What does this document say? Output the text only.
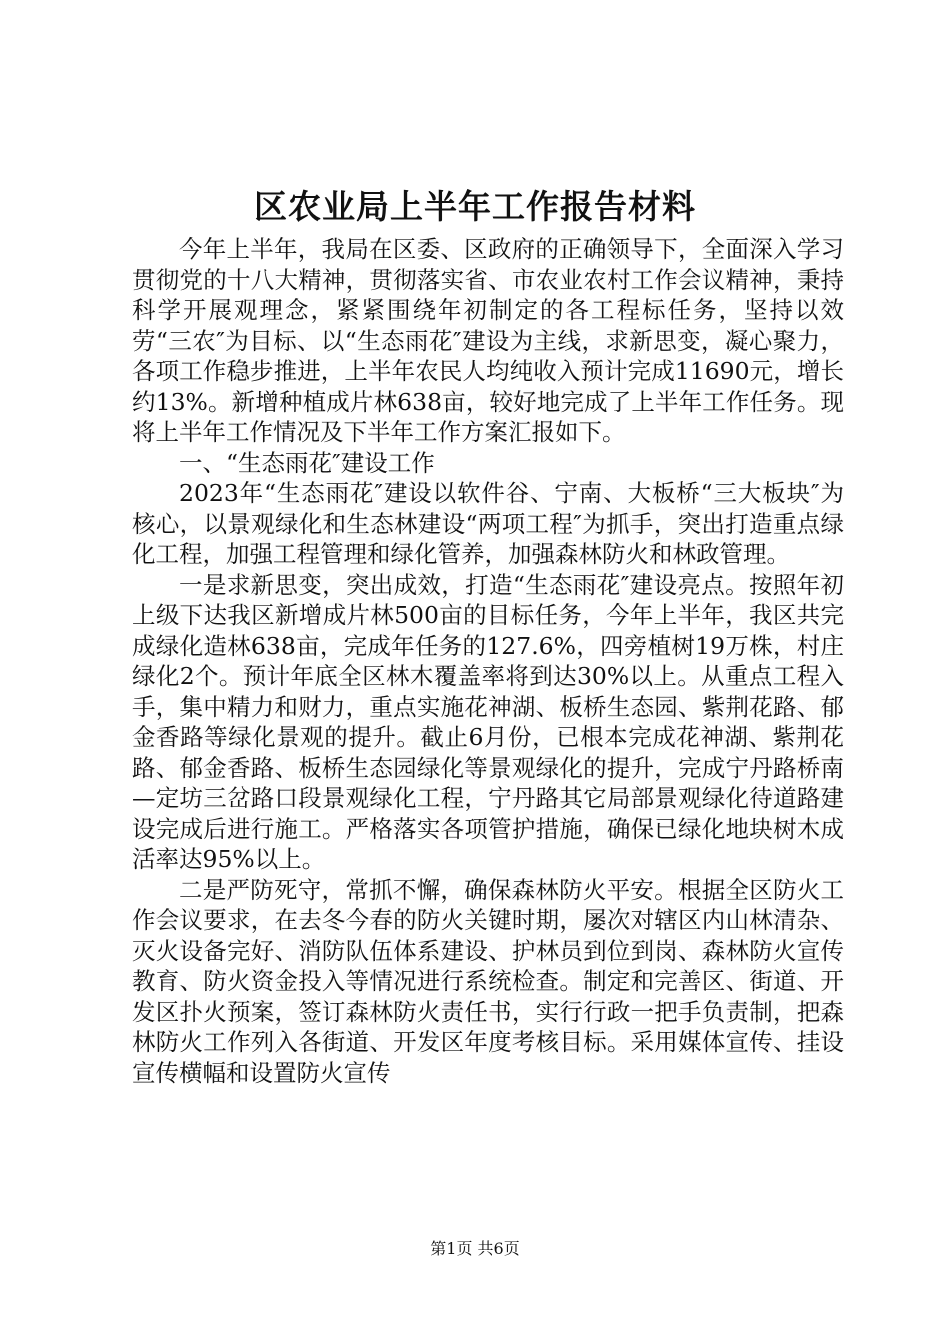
区农业局上半年工作报告材料

今年上半年，我局在区委、区政府的正确领导下，全面深入学习贯彻党的十八大精神，贯彻落实省、市农业农村工作会议精神，秉持科学开展观理念，紧紧围绕年初制定的各工程标任务，坚持以效劳“三农″为目标、以“生态雨花″建设为主线，求新思变，凝心聚力，各项工作稳步推进，上半年农民人均纯收入预计完成11690元，增长约13%。新增种植成片林638亩，较好地完成了上半年工作任务。现将上半年工作情况及下半年工作方案汇报如下。

一、“生态雨花″建设工作

2023年“生态雨花″建设以软件谷、宁南、大板桥“三大板块″为核心，以景观绿化和生态林建设“两项工程″为抓手，突出打造重点绿化工程，加强工程管理和绿化管养，加强森林防火和林政管理。

一是求新思变，突出成效，打造“生态雨花″建设亮点。按照年初上级下达我区新增成片林500亩的目标任务，今年上半年，我区共完成绿化造林638亩，完成年任务的127.6%，四旁植树19万株，村庄绿化2个。预计年底全区林木覆盖率将到达30%以上。从重点工程入手，集中精力和财力，重点实施花神湖、板桥生态园、紫荆花路、郁金香路等绿化景观的提升。截止6月份，已根本完成花神湖、紫荆花路、郁金香路、板桥生态园绿化等景观绿化的提升，完成宁丹路桥南—定坊三岔路口段景观绿化工程，宁丹路其它局部景观绿化待道路建设完成后进行施工。严格落实各项管护措施，确保已绿化地块树木成活率达95%以上。

二是严防死守，常抓不懈，确保森林防火平安。根据全区防火工作会议要求，在去冬今春的防火关键时期，屡次对辖区内山林清杂、灭火设备完好、消防队伍体系建设、护林员到位到岗、森林防火宣传教育、防火资金投入等情况进行系统检查。制定和完善区、街道、开发区扑火预案，签订森林防火责任书，实行行政一把手负责制，把森林防火工作列入各街道、开发区年度考核目标。采用媒体宣传、挂设宣传横幅和设置防火宣传

第1页 共6页
